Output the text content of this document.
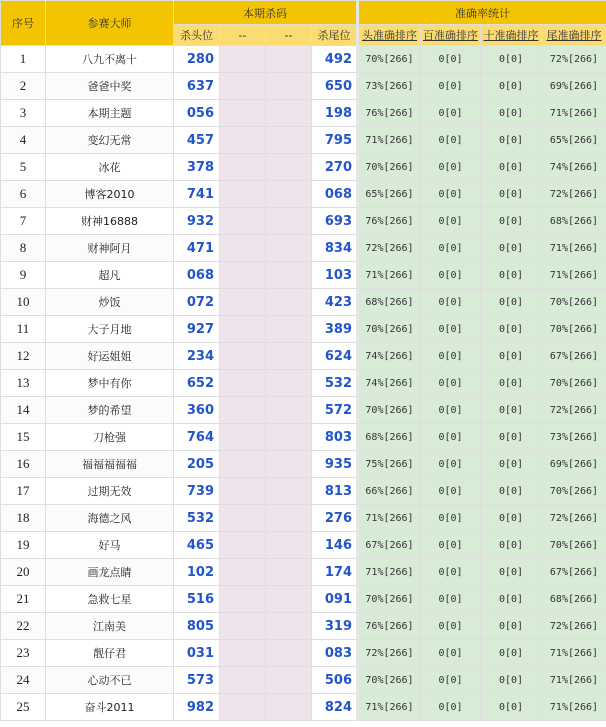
序号	参赛大师	本期杀码				准确率统计			
		杀头位	--	--	杀尾位	头准确排序	百准确排序	十准确排序	尾准确排序
1	八九不离十	280			492	70%[266]	0[0]	0[0]	72%[266]
2	爸爸中奖	637			650	73%[266]	0[0]	0[0]	69%[266]
3	本期主题	056			198	76%[266]	0[0]	0[0]	71%[266]
4	变幻无常	457			795	71%[266]	0[0]	0[0]	65%[266]
5	冰花	378			270	70%[266]	0[0]	0[0]	74%[266]
6	博客2010	741			068	65%[266]	0[0]	0[0]	72%[266]
7	财神16888	932			693	76%[266]	0[0]	0[0]	68%[266]
8	财神阿月	471			834	72%[266]	0[0]	0[0]	71%[266]
9	超凡	068			103	71%[266]	0[0]	0[0]	71%[266]
10	炒饭	072			423	68%[266]	0[0]	0[0]	70%[266]
11	大子月地	927			389	70%[266]	0[0]	0[0]	70%[266]
12	好运姐姐	234			624	74%[266]	0[0]	0[0]	67%[266]
13	梦中有你	652			532	74%[266]	0[0]	0[0]	70%[266]
14	梦的希望	360			572	70%[266]	0[0]	0[0]	72%[266]
15	刀枪强	764			803	68%[266]	0[0]	0[0]	73%[266]
16	福福福福福	205			935	75%[266]	0[0]	0[0]	69%[266]
17	过期无效	739			813	66%[266]	0[0]	0[0]	70%[266]
18	海德之风	532			276	71%[266]	0[0]	0[0]	72%[266]
19	好马	465			146	67%[266]	0[0]	0[0]	70%[266]
20	画龙点睛	102			174	71%[266]	0[0]	0[0]	67%[266]
21	急救七星	516			091	70%[266]	0[0]	0[0]	68%[266]
22	江南美	805			319	76%[266]	0[0]	0[0]	72%[266]
23	靓仔君	031			083	72%[266]	0[0]	0[0]	71%[266]
24	心动不已	573			506	70%[266]	0[0]	0[0]	71%[266]
25	奋斗2011	982			824	71%[266]	0[0]	0[0]	71%[266]
